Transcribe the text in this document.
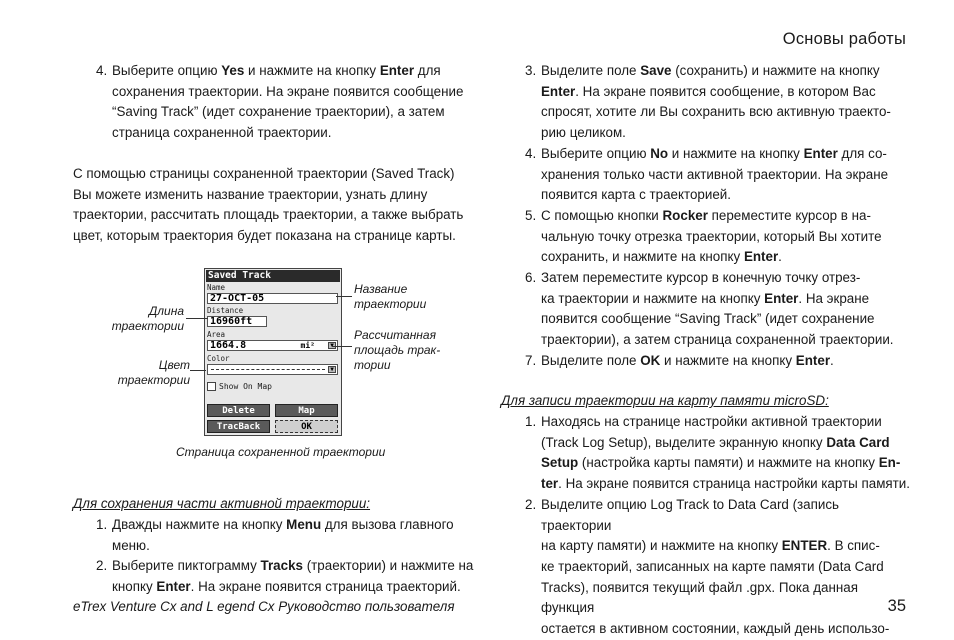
Основы работы
eTrex Venture Cx and L egend Cx Руководство пользователя	35
4. Выберите опцию Yes и нажмите на кнопку Enter для
сохранения траектории. На экране появится сообщение
“Saving Track” (идет сохранение траектории), а затем
страница сохраненной траектории.
С помощью страницы сохраненной траектории (Saved Track)
Вы можете изменить название траектории, узнать длину
траектории, рассчитать площадь траектории, а также выбрать
цвет, которым траектория будет показана на странице карты.
Saved Track
Name
27-OCT-05
Distance
16960ft
Area
1664.8	mi²
Color
▼
Show On Map
Delete	Map
TracBack	OK
Длина
траектории
Цвет
траектории
Название
траектории
Рассчитанная
площадь трак-
тории
Страница сохраненной траектории
Для сохранения части активной траектории:
1. Дважды нажмите на кнопку Menu для вызова главного
меню.
2. Выберите пиктограмму Tracks (траектории) и нажмите на
кнопку Enter. На экране появится страница траекторий.
3. Выделите поле Save (сохранить) и нажмите на кнопку
Enter. На экране появится сообщение, в котором Вас
спросят, хотите ли Вы сохранить всю активную траекто-
рию целиком.
4. Выберите опцию No и нажмите на кнопку Enter для со-
хранения только части активной траектории. На экране
появится карта с траекторией.
5. С помощью кнопки Rocker переместите курсор в на-
чальную точку отрезка траектории, который Вы хотите
сохранить, и нажмите на кнопку Enter.
6. Затем переместите курсор в конечную точку отрез-
ка траектории и нажмите на кнопку Enter. На экране
появится сообщение “Saving Track” (идет сохранение
траектории), а затем страница сохраненной траектории.
7. Выделите поле OK и нажмите на кнопку Enter.
Для записи траектории на карту памяти microSD:
1. Находясь на странице настройки активной траектории
(Track Log Setup), выделите экранную кнопку Data Card
Setup (настройка карты памяти) и нажмите на кнопку En-
ter. На экране появится страница настройки карты памяти.
2. Выделите опцию Log Track to Data Card (запись траектории
на карту памяти) и нажмите на кнопку ENTER. В спис-
ке траекторий, записанных на карте памяти (Data Card
Tracks), появится текущий файл .gpx. Пока данная функция
остается в активном состоянии, каждый день использо-
